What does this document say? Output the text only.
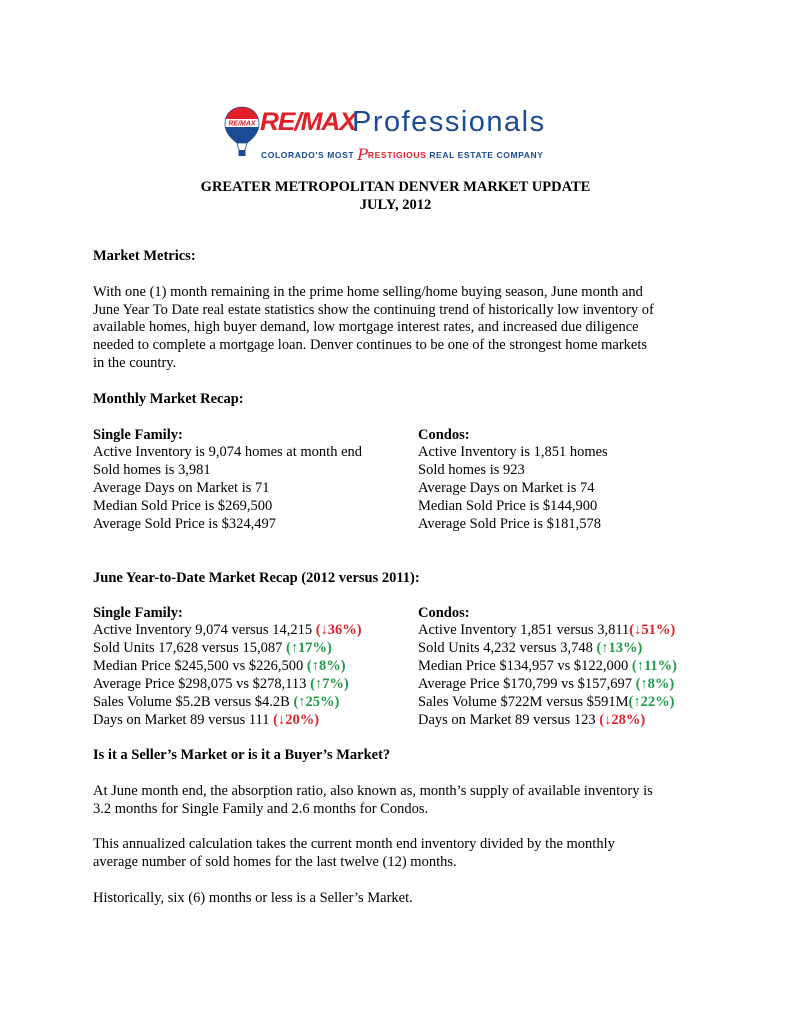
RE/MAX RE/MAX
Professionals
COLORADO'S MOST PRESTIGIOUS REAL ESTATE COMPANY
GREATER METROPOLITAN DENVER MARKET UPDATE
JULY, 2012
Market Metrics:
With one (1) month remaining in the prime home selling/home buying season, June month and
June Year To Date real estate statistics show the continuing trend of historically low inventory of
available homes, high buyer demand, low mortgage interest rates, and increased due diligence
needed to complete a mortgage loan. Denver continues to be one of the strongest home markets
in the country.
Monthly Market Recap:
Single Family:
Active Inventory is 9,074 homes at month end
Sold homes is 3,981
Average Days on Market is 71
Median Sold Price is $269,500
Average Sold Price is $324,497
Condos:
Active Inventory is 1,851 homes
Sold homes is 923
Average Days on Market is 74
Median Sold Price is $144,900
Average Sold Price is $181,578
June Year-to-Date Market Recap (2012 versus 2011):
Single Family:
Active Inventory 9,074 versus 14,215 (↓36%)
Sold Units 17,628 versus 15,087 (↑17%)
Median Price $245,500 vs $226,500 (↑8%)
Average Price $298,075 vs $278,113 (↑7%)
Sales Volume $5.2B versus $4.2B (↑25%)
Days on Market 89 versus 111 (↓20%)
Condos:
Active Inventory 1,851 versus 3,811(↓51%)
Sold Units 4,232 versus 3,748 (↑13%)
Median Price $134,957 vs $122,000 (↑11%)
Average Price $170,799 vs $157,697 (↑8%)
Sales Volume $722M versus $591M(↑22%)
Days on Market 89 versus 123 (↓28%)
Is it a Seller’s Market or is it a Buyer’s Market?
At June month end, the absorption ratio, also known as, month’s supply of available inventory is
3.2 months for Single Family and 2.6 months for Condos.
This annualized calculation takes the current month end inventory divided by the monthly
average number of sold homes for the last twelve (12) months.
Historically, six (6) months or less is a Seller’s Market.
